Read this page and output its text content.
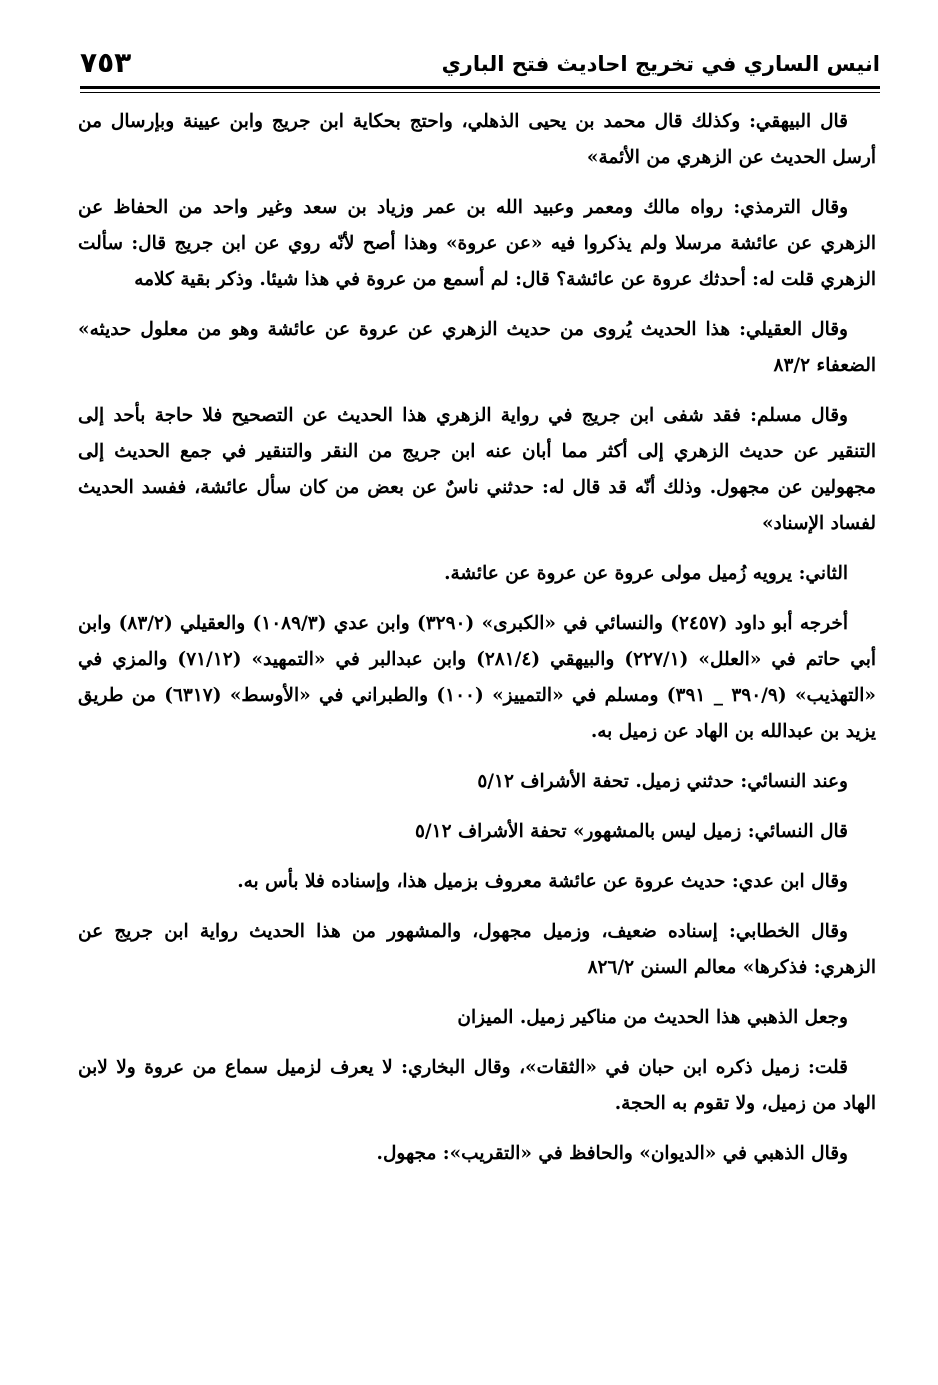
انيس الساري في تخريج احاديث فتح الباري
٧٥٣

قال البيهقي: وكذلك قال محمد بن يحيى الذهلي، واحتج بحكاية ابن جريج وابن عيينة وبإرسال من أرسل الحديث عن الزهري من الأئمة»

وقال الترمذي: رواه مالك ومعمر وعبيد الله بن عمر وزياد بن سعد وغير واحد من الحفاظ عن الزهري عن عائشة مرسلا ولم يذكروا فيه «عن عروة» وهذا أصح لأنّه روي عن ابن جريج قال: سألت الزهري قلت له: أحدثك عروة عن عائشة؟ قال: لم أسمع من عروة في هذا شيئا. وذكر بقية كلامه

وقال العقيلي: هذا الحديث يُروى من حديث الزهري عن عروة عن عائشة وهو من معلول حديثه» الضعفاء ٨٣/٢

وقال مسلم: فقد شفى ابن جريج في رواية الزهري هذا الحديث عن التصحيح فلا حاجة بأحد إلى التنقير عن حديث الزهري إلى أكثر مما أبان عنه ابن جريج من النقر والتنقير في جمع الحديث إلى مجهولين عن مجهول. وذلك أنّه قد قال له: حدثني ناسٌ عن بعض من كان سأل عائشة، ففسد الحديث لفساد الإسناد»

الثاني: يرويه زُميل مولى عروة عن عروة عن عائشة.

أخرجه أبو داود (٢٤٥٧) والنسائي في «الكبرى» (٣٢٩٠) وابن عدي (١٠٨٩/٣) والعقيلي (٨٣/٢) وابن أبي حاتم في «العلل» (٢٢٧/١) والبيهقي (٢٨١/٤) وابن عبدالبر في «التمهيد» (٧١/١٢) والمزي في «التهذيب» (٣٩٠/٩ _ ٣٩١) ومسلم في «التمييز» (١٠٠) والطبراني في «الأوسط» (٦٣١٧) من طريق يزيد بن عبدالله بن الهاد عن زميل به.

وعند النسائي: حدثني زميل. تحفة الأشراف ٥/١٢

قال النسائي: زميل ليس بالمشهور» تحفة الأشراف ٥/١٢

وقال ابن عدي: حديث عروة عن عائشة معروف بزميل هذا، وإسناده فلا بأس به.

وقال الخطابي: إسناده ضعيف، وزميل مجهول، والمشهور من هذا الحديث رواية ابن جريج عن الزهري: فذكرها» معالم السنن ٨٢٦/٢

وجعل الذهبي هذا الحديث من مناكير زميل. الميزان

قلت: زميل ذكره ابن حبان في «الثقات»، وقال البخاري: لا يعرف لزميل سماع من عروة ولا لابن الهاد من زميل، ولا تقوم به الحجة.

وقال الذهبي في «الديوان» والحافظ في «التقريب»: مجهول.
